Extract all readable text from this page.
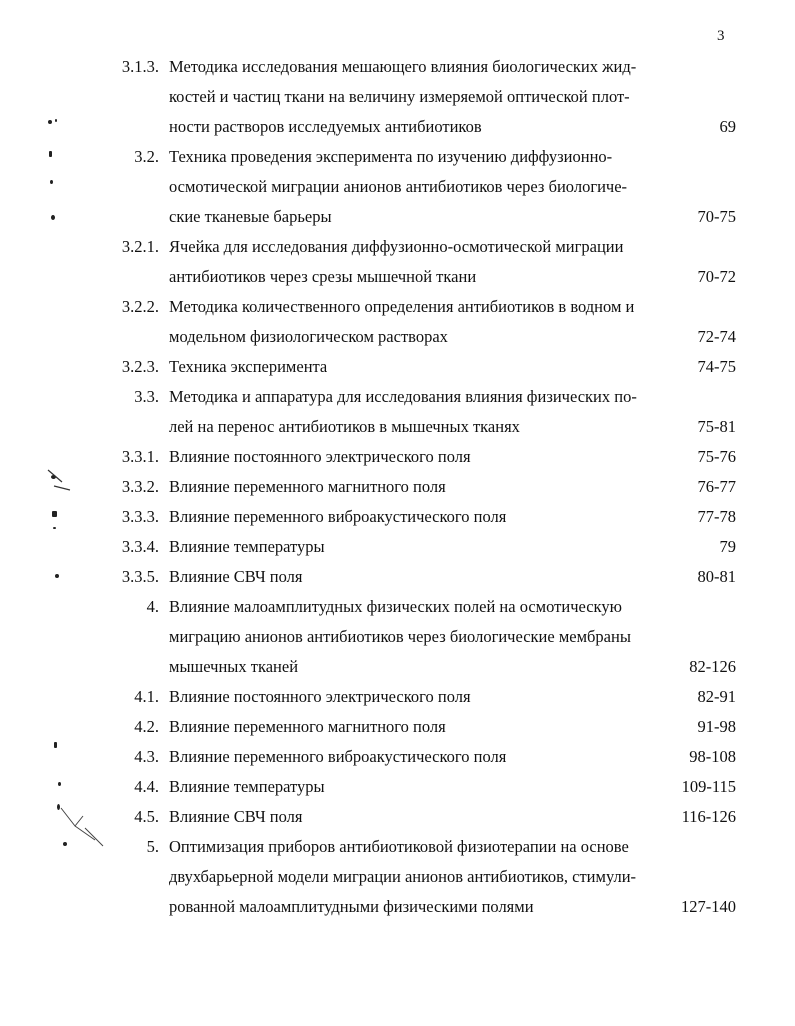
3
3.1.3. Методика исследования мешающего влияния биологических жид-
костей и частиц ткани на величину измеряемой оптической плот-
ности растворов исследуемых антибиотиков	69
3.2. Техника проведения эксперимента по изучению диффузионно-
осмотической миграции анионов антибиотиков через биологиче-
ские тканевые барьеры	70-75
3.2.1. Ячейка для исследования диффузионно-осмотической миграции
антибиотиков через срезы мышечной ткани	70-72
3.2.2. Методика количественного определения антибиотиков в водном и
модельном физиологическом растворах	72-74
3.2.3. Техника эксперимента	74-75
3.3. Методика и аппаратура для исследования влияния физических по-
лей на перенос антибиотиков в мышечных тканях	75-81
3.3.1. Влияние постоянного электрического поля	75-76
3.3.2. Влияние переменного магнитного поля	76-77
3.3.3. Влияние переменного виброакустического поля	77-78
3.3.4. Влияние температуры	79
3.3.5. Влияние СВЧ поля	80-81
4. Влияние малоамплитудных физических полей на осмотическую
миграцию анионов антибиотиков через биологические мембраны
мышечных тканей	82-126
4.1. Влияние постоянного электрического поля	82-91
4.2. Влияние переменного магнитного поля	91-98
4.3. Влияние переменного виброакустического поля	98-108
4.4. Влияние температуры	109-115
4.5. Влияние СВЧ поля	116-126
5. Оптимизация приборов антибиотиковой физиотерапии на основе
двухбарьерной модели миграции анионов антибиотиков, стимули-
рованной малоамплитудными физическими полями	127-140
